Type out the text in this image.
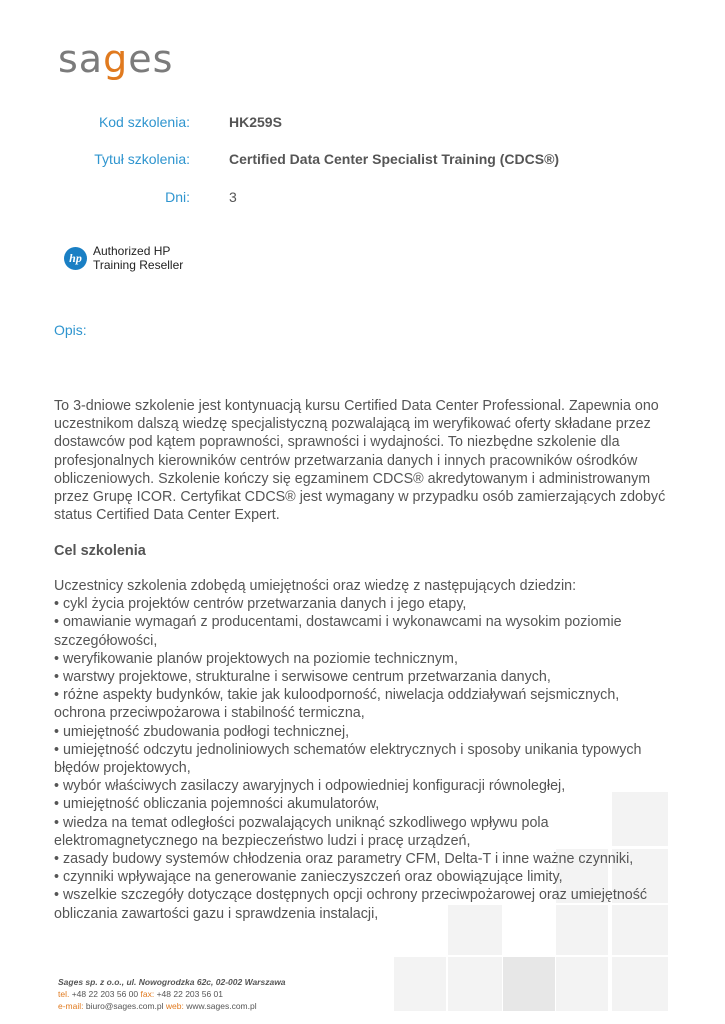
sages
Kod szkolenia:	HK259S
Tytuł szkolenia:	Certified Data Center Specialist Training (CDCS®)
Dni:	3
hp Authorized HP
Training Reseller
Opis:
To 3-dniowe szkolenie jest kontynuacją kursu Certified Data Center Professional. Zapewnia ono uczestnikom dalszą wiedzę specjalistyczną pozwalającą im weryfikować oferty składane przez dostawców pod kątem poprawności, sprawności i wydajności. To niezbędne szkolenie dla profesjonalnych kierowników centrów przetwarzania danych i innych pracowników ośrodków obliczeniowych. Szkolenie kończy się egzaminem CDCS® akredytowanym i administrowanym przez Grupę ICOR. Certyfikat CDCS® jest wymagany w przypadku osób zamierzających zdobyć status Certified Data Center Expert.
Cel szkolenia
Uczestnicy szkolenia zdobędą umiejętności oraz wiedzę z następujących dziedzin:
• cykl życia projektów centrów przetwarzania danych i jego etapy,
• omawianie wymagań z producentami, dostawcami i wykonawcami na wysokim poziomie szczegółowości,
• weryfikowanie planów projektowych na poziomie technicznym,
• warstwy projektowe, strukturalne i serwisowe centrum przetwarzania danych,
• różne aspekty budynków, takie jak kuloodporność, niwelacja oddziaływań sejsmicznych, ochrona przeciwpożarowa i stabilność termiczna,
• umiejętność zbudowania podłogi technicznej,
• umiejętność odczytu jednoliniowych schematów elektrycznych i sposoby unikania typowych błędów projektowych,
• wybór właściwych zasilaczy awaryjnych i odpowiedniej konfiguracji równoległej,
• umiejętność obliczania pojemności akumulatorów,
• wiedza na temat odległości pozwalających uniknąć szkodliwego wpływu pola elektromagnetycznego na bezpieczeństwo ludzi i pracę urządzeń,
• zasady budowy systemów chłodzenia oraz parametry CFM, Delta-T i inne ważne czynniki,
• czynniki wpływające na generowanie zanieczyszczeń oraz obowiązujące limity,
• wszelkie szczegóły dotyczące dostępnych opcji ochrony przeciwpożarowej oraz umiejętność obliczania zawartości gazu i sprawdzenia instalacji,
Sages sp. z o.o., ul. Nowogrodzka 62c, 02-002 Warszawa
tel. +48 22 203 56 00 fax: +48 22 203 56 01
e-mail: biuro@sages.com.pl web: www.sages.com.pl
